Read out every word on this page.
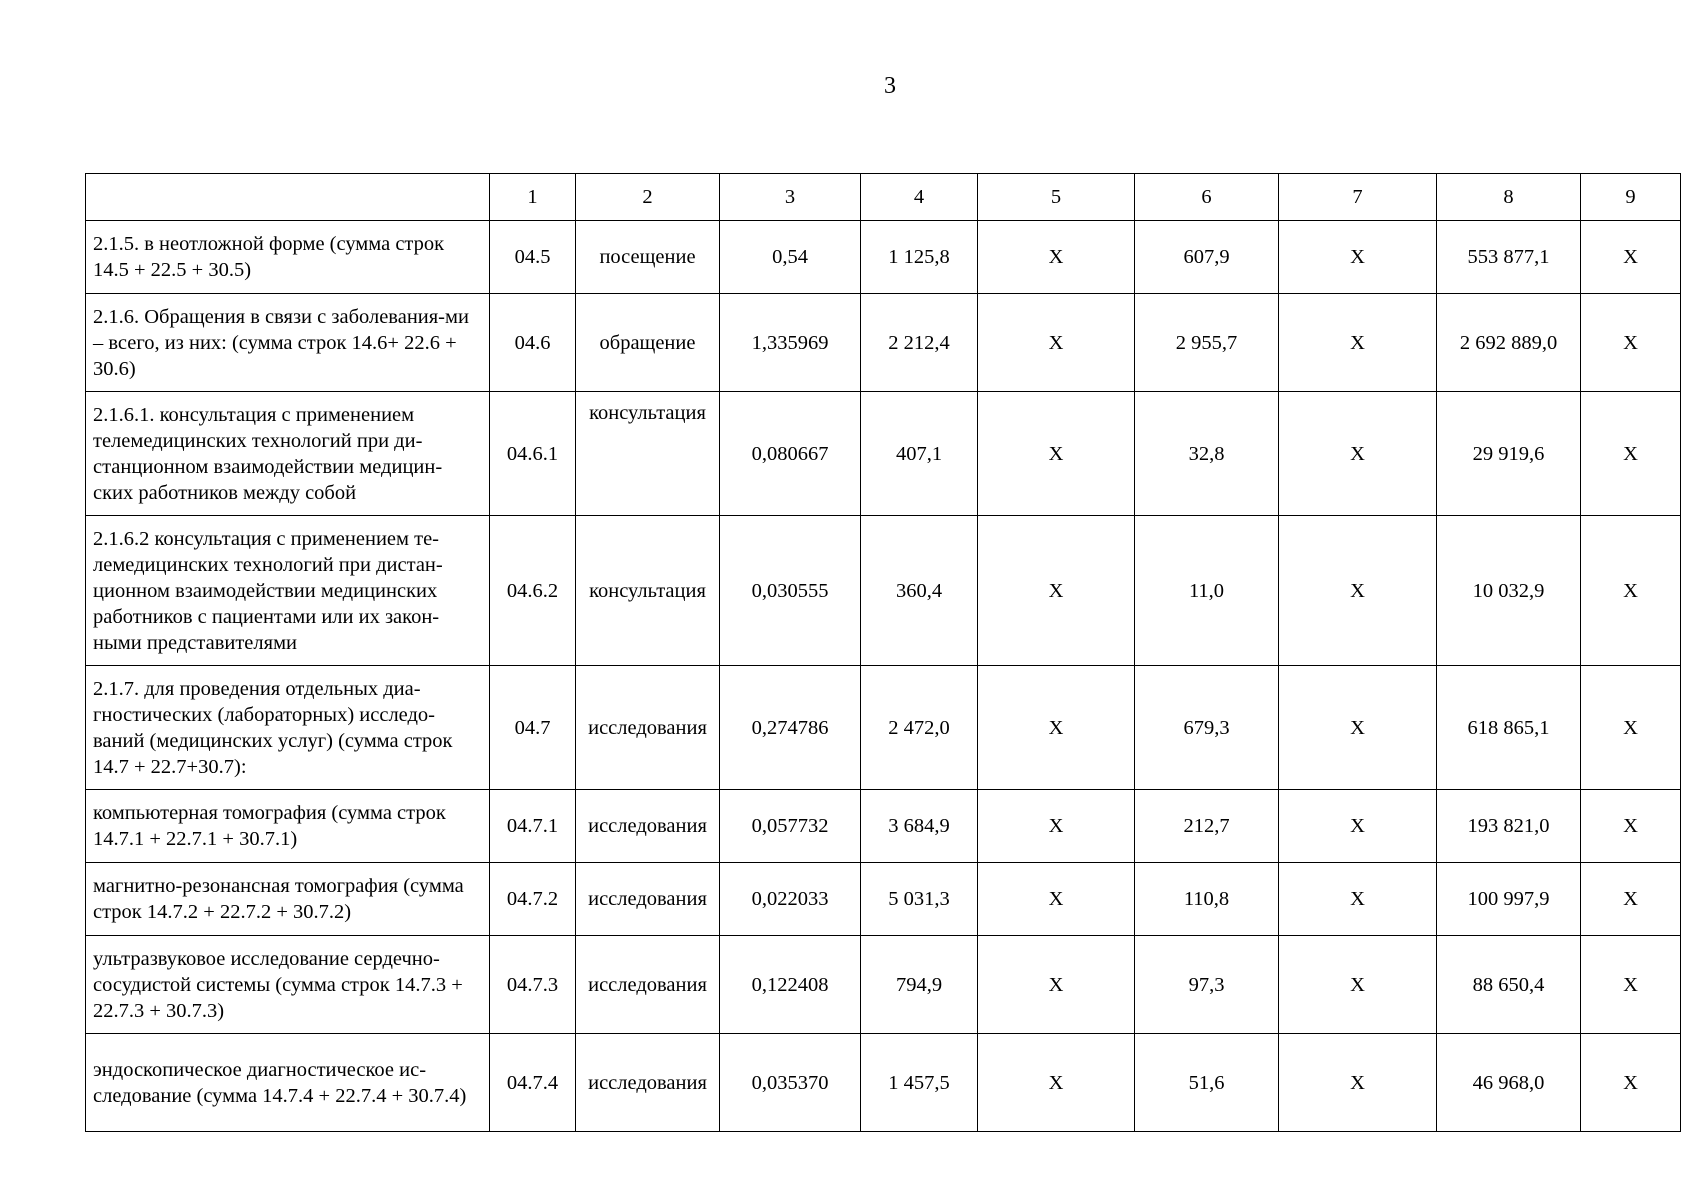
3
	1	2	3	4	5	6	7	8	9
2.1.5. в неотложной форме (сумма строк 14.5 + 22.5 + 30.5)	04.5	посещение	0,54	1 125,8	Х	607,9	Х	553 877,1	Х
2.1.6. Обращения в связи с заболевания-ми – всего, из них: (сумма строк 14.6+ 22.6 + 30.6)	04.6	обращение	1,335969	2 212,4	Х	2 955,7	Х	2 692 889,0	Х
2.1.6.1. консультация с применением телемедицинских технологий при ди-станционном взаимодействии медицин-ских работников между собой	04.6.1	консультация	0,080667	407,1	Х	32,8	Х	29 919,6	Х
2.1.6.2 консультация с применением те-лемедицинских технологий при дистан-ционном взаимодействии медицинских работников с пациентами или их закон-ными представителями	04.6.2	консультация	0,030555	360,4	Х	11,0	Х	10 032,9	Х
2.1.7. для проведения отдельных диа-гностических (лабораторных) исследо-ваний (медицинских услуг) (сумма строк 14.7 + 22.7+30.7):	04.7	исследования	0,274786	2 472,0	Х	679,3	Х	618 865,1	Х
компьютерная томография (сумма строк 14.7.1 + 22.7.1 + 30.7.1)	04.7.1	исследования	0,057732	3 684,9	Х	212,7	Х	193 821,0	Х
магнитно-резонансная томография (сумма строк 14.7.2 + 22.7.2 + 30.7.2)	04.7.2	исследования	0,022033	5 031,3	Х	110,8	Х	100 997,9	Х
ультразвуковое исследование сердечно-сосудистой системы (сумма строк 14.7.3 + 22.7.3 + 30.7.3)	04.7.3	исследования	0,122408	794,9	Х	97,3	Х	88 650,4	Х
эндоскопическое диагностическое ис-следование (сумма 14.7.4 + 22.7.4 + 30.7.4)	04.7.4	исследования	0,035370	1 457,5	Х	51,6	Х	46 968,0	Х
